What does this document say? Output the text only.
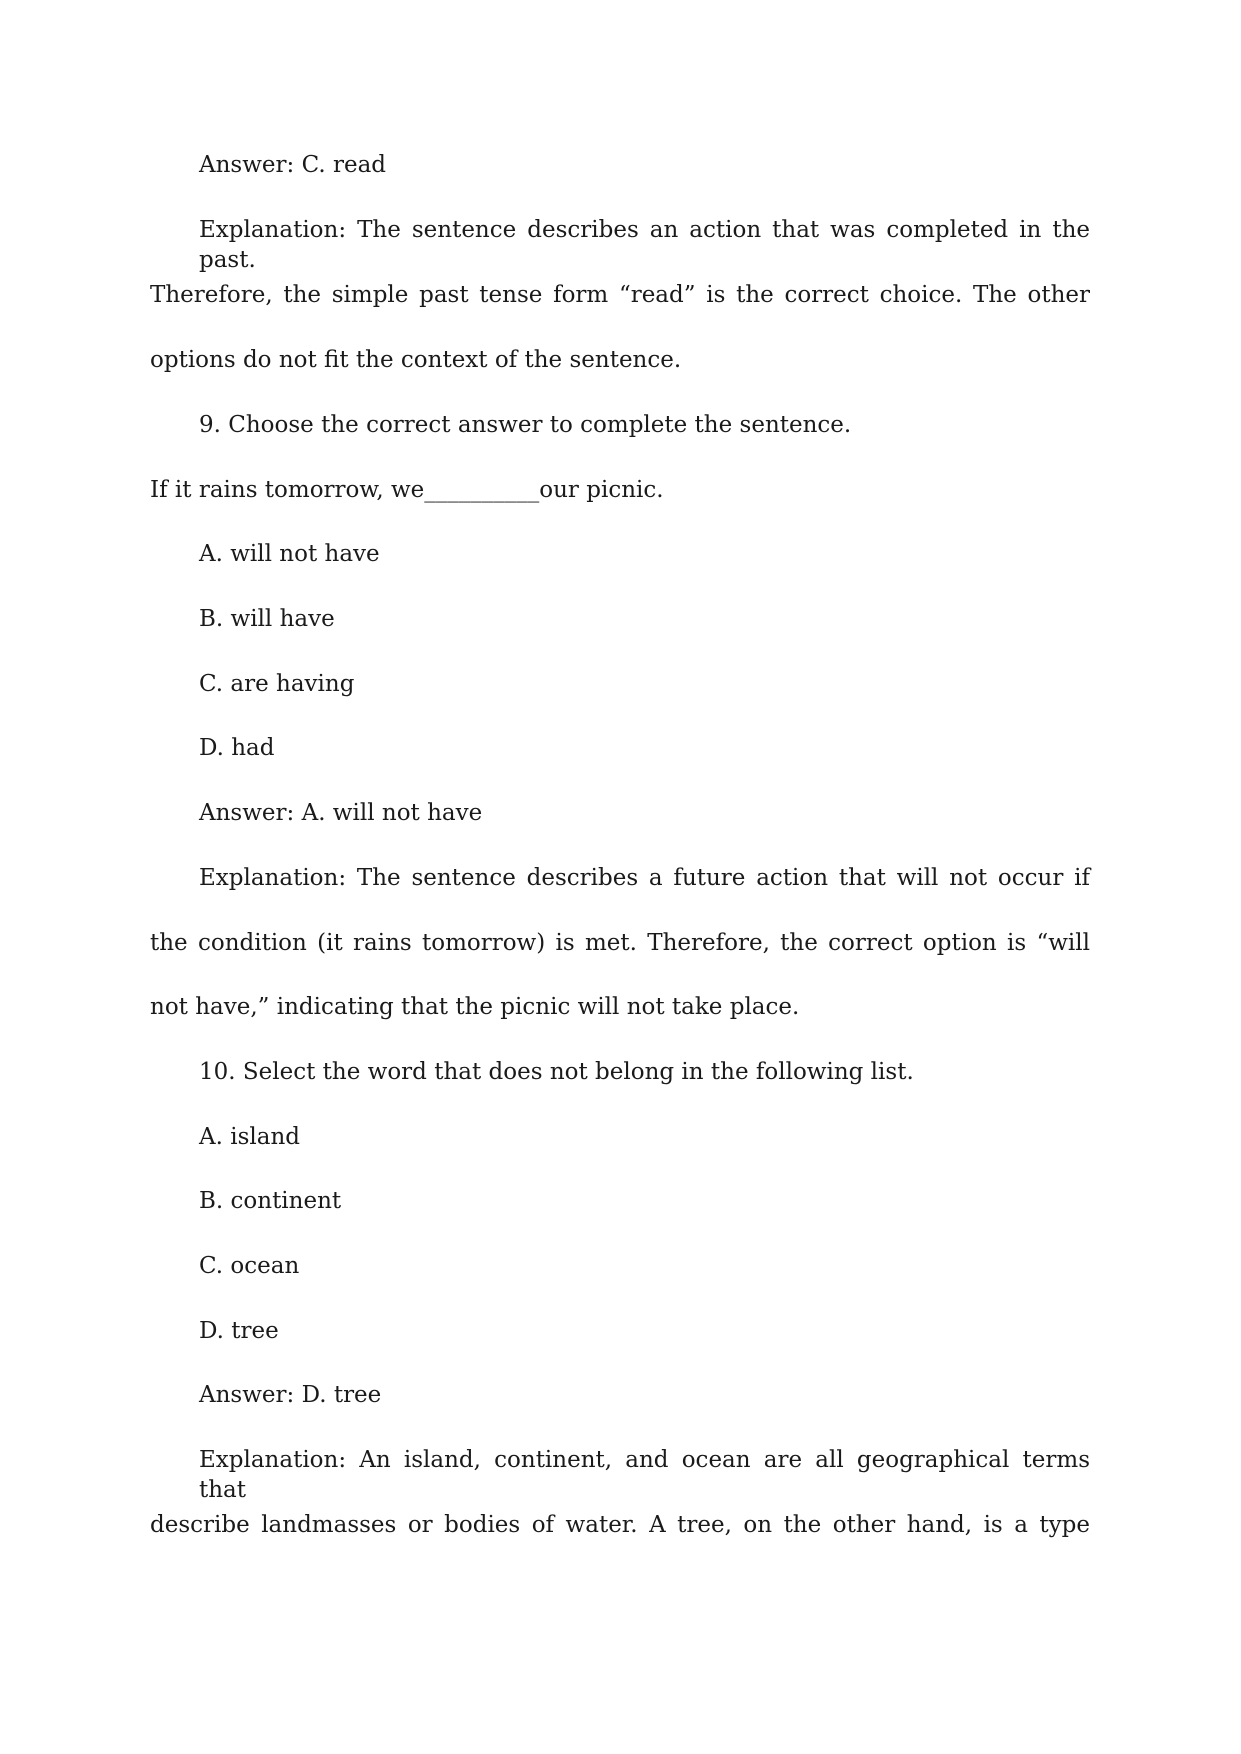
Answer: C. read
Explanation: The sentence describes an action that was completed in the past.
Therefore, the simple past tense form “read” is the correct choice. The other
options do not fit the context of the sentence.
9. Choose the correct answer to complete the sentence.
If it rains tomorrow, we__________our picnic.
A. will not have
B. will have
C. are having
D. had
Answer: A. will not have
Explanation: The sentence describes a future action that will not occur if
the condition (it rains tomorrow) is met. Therefore, the correct option is “will
not have,” indicating that the picnic will not take place.
10. Select the word that does not belong in the following list.
A. island
B. continent
C. ocean
D. tree
Answer: D. tree
Explanation: An island, continent, and ocean are all geographical terms that
describe landmasses or bodies of water. A tree, on the other hand, is a type
